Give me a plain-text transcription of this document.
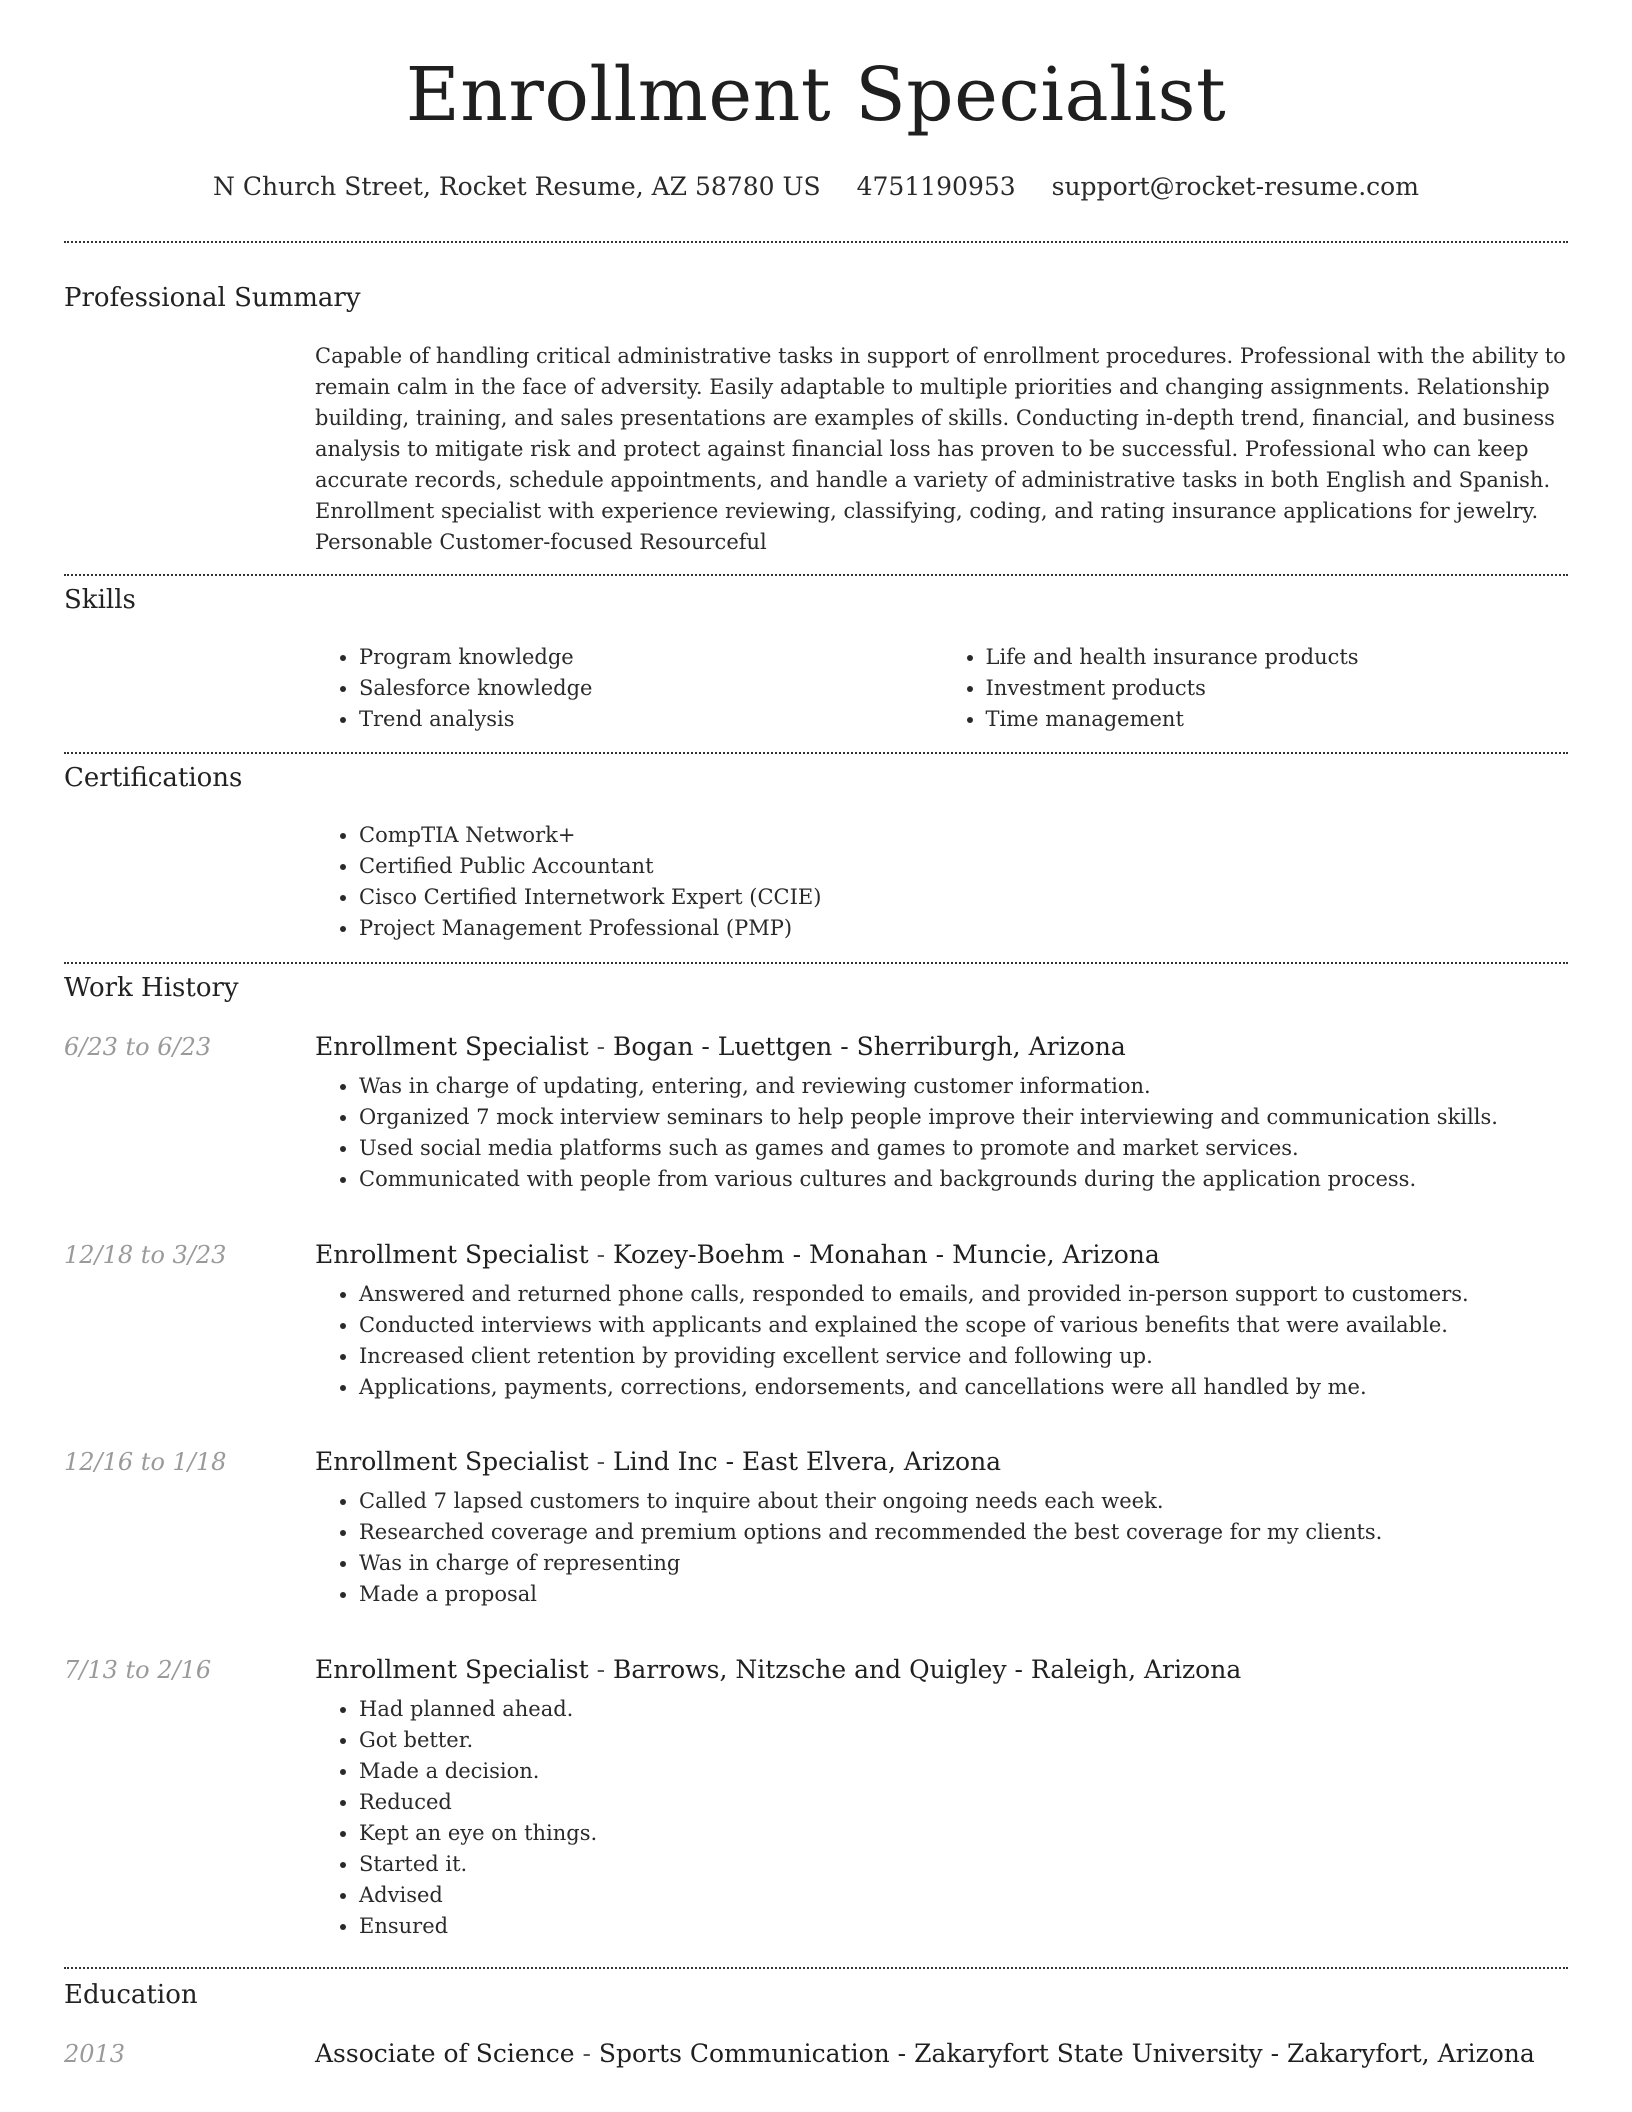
Enrollment Specialist
N Church Street, Rocket Resume, AZ 58780 US 4751190953 support@rocket-resume.com
Professional Summary

Capable of handling critical administrative tasks in support of enrollment procedures. Professional with the ability to remain calm in the face of adversity. Easily adaptable to multiple priorities and changing assignments. Relationship building, training, and sales presentations are examples of skills. Conducting in-depth trend, financial, and business analysis to mitigate risk and protect against financial loss has proven to be successful. Professional who can keep accurate records, schedule appointments, and handle a variety of administrative tasks in both English and Spanish. Enrollment specialist with experience reviewing, classifying, coding, and rating insurance applications for jewelry. Personable Customer-focused Resourceful

Skills
• Program knowledge
• Salesforce knowledge
• Trend analysis
• Life and health insurance products
• Investment products
• Time management
Certifications
• CompTIA Network+
• Certified Public Accountant
• Cisco Certified Internetwork Expert (CCIE)
• Project Management Professional (PMP)
Work History
6/23 to 6/23	Enrollment Specialist - Bogan - Luettgen - Sherriburgh, Arizona

• Was in charge of updating, entering, and reviewing customer information.
• Organized 7 mock interview seminars to help people improve their interviewing and communication skills.
• Used social media platforms such as games and games to promote and market services.
• Communicated with people from various cultures and backgrounds during the application process.
12/18 to 3/23	Enrollment Specialist - Kozey-Boehm - Monahan - Muncie, Arizona

• Answered and returned phone calls, responded to emails, and provided in-person support to customers.
• Conducted interviews with applicants and explained the scope of various benefits that were available.
• Increased client retention by providing excellent service and following up.
• Applications, payments, corrections, endorsements, and cancellations were all handled by me.
12/16 to 1/18	Enrollment Specialist - Lind Inc - East Elvera, Arizona

• Called 7 lapsed customers to inquire about their ongoing needs each week.
• Researched coverage and premium options and recommended the best coverage for my clients.
• Was in charge of representing
• Made a proposal
7/13 to 2/16	Enrollment Specialist - Barrows, Nitzsche and Quigley - Raleigh, Arizona

• Had planned ahead.
• Got better.
• Made a decision.
• Reduced
• Kept an eye on things.
• Started it.
• Advised
• Ensured
Education
2013	Associate of Science - Sports Communication - Zakaryfort State University - Zakaryfort, Arizona
